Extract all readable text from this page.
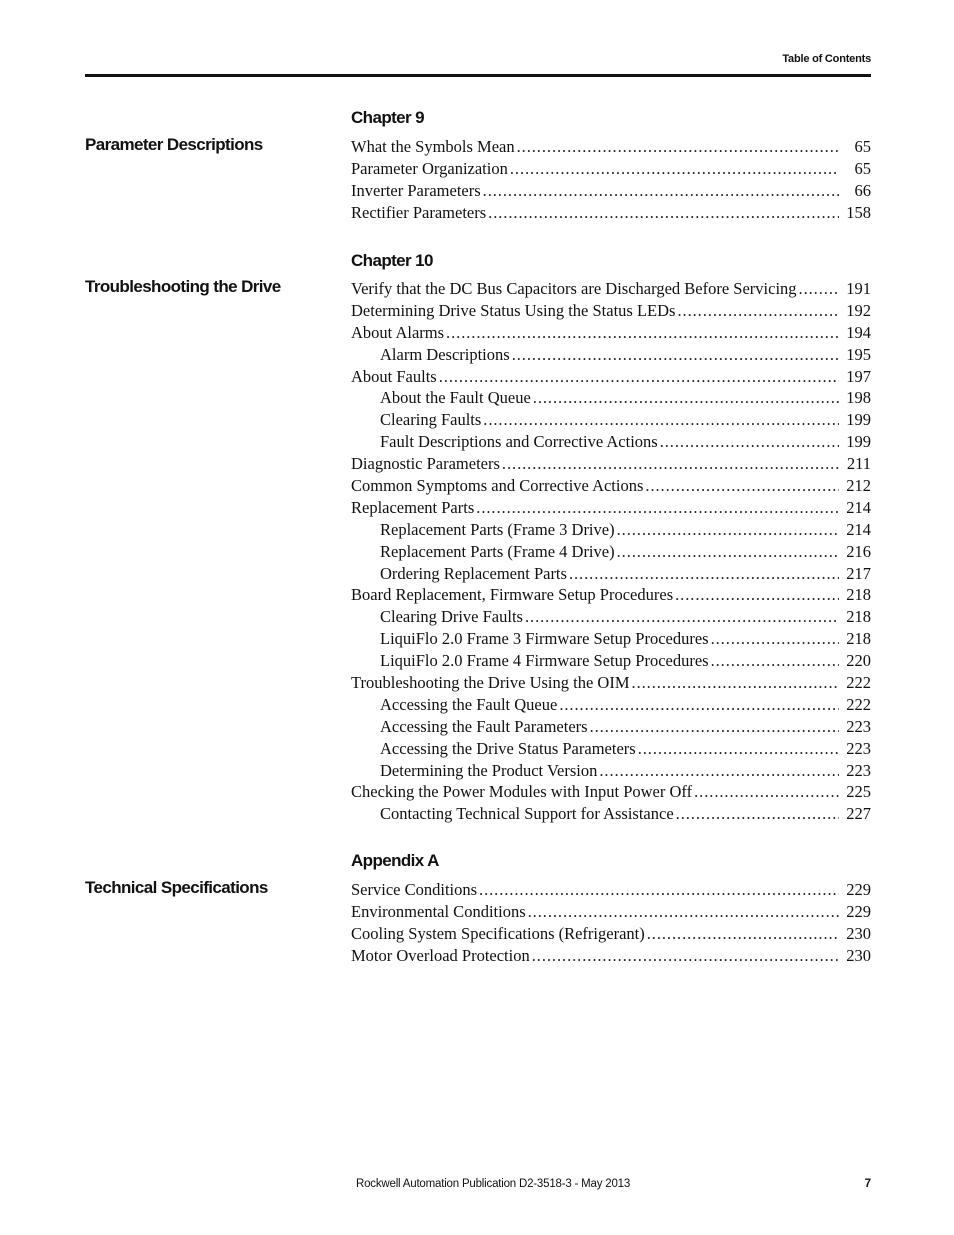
Table of Contents
Chapter 9
Parameter Descriptions	What the Symbols Mean . . .	65
Parameter Organization . . .	65
Inverter Parameters . . .	66
Rectifier Parameters . . .	158
Chapter 10
Troubleshooting the Drive	Verify that the DC Bus Capacitors are Discharged Before Servicing . . .	191
Determining Drive Status Using the Status LEDs . . .	192
About Alarms . . .	194
Alarm Descriptions . . .	195
About Faults . . .	197
About the Fault Queue . . .	198
Clearing Faults . . .	199
Fault Descriptions and Corrective Actions . . .	199
Diagnostic Parameters . . .	211
Common Symptoms and Corrective Actions . . .	212
Replacement Parts . . .	214
Replacement Parts (Frame 3 Drive) . . .	214
Replacement Parts (Frame 4 Drive) . . .	216
Ordering Replacement Parts . . .	217
Board Replacement, Firmware Setup Procedures . . .	218
Clearing Drive Faults . . .	218
LiquiFlo 2.0 Frame 3 Firmware Setup Procedures . . .	218
LiquiFlo 2.0 Frame 4 Firmware Setup Procedures . . .	220
Troubleshooting the Drive Using the OIM . . .	222
Accessing the Fault Queue . . .	222
Accessing the Fault Parameters . . .	223
Accessing the Drive Status Parameters . . .	223
Determining the Product Version . . .	223
Checking the Power Modules with Input Power Off . . .	225
Contacting Technical Support for Assistance . . .	227
Appendix A
Technical Specifications	Service Conditions . . .	229
Environmental Conditions . . .	229
Cooling System Specifications (Refrigerant) . . .	230
Motor Overload Protection . . .	230
Rockwell Automation Publication D2-3518-3 - May 2013	7
